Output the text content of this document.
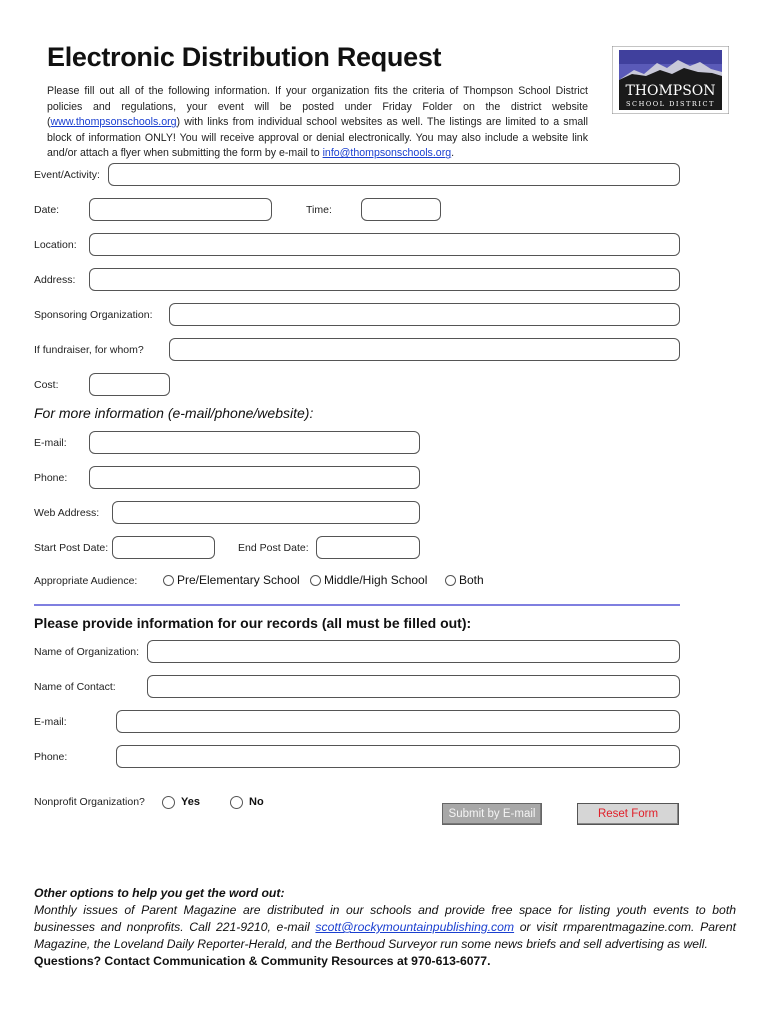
Electronic Distribution Request
Please fill out all of the following information. If your organization fits the criteria of Thompson School District policies and regulations, your event will be posted under Friday Folder on the district website (www.thompsonschools.org) with links from individual school websites as well. The listings are limited to a small block of information ONLY! You will receive approval or denial electronically. You may also include a website link and/or attach a flyer when submitting the form by e-mail to info@thompsonschools.org.
THOMPSON
SCHOOL DISTRICT
Event/Activity:
Date:	Time:
Location:
Address:
Sponsoring Organization:
If fundraiser, for whom?
Cost:
For more information (e-mail/phone/website):
E-mail:
Phone:
Web Address:
Start Post Date:	End Post Date:
Appropriate Audience:	Pre/Elementary School Middle/High School	Both
Please provide information for our records (all must be filled out):
Name of Organization:
Name of Contact:
E-mail:
Phone:
Nonprofit Organization?	Yes	No
Submit by E-mail	Reset Form
Other options to help you get the word out:
Monthly issues of Parent Magazine are distributed in our schools and provide free space for listing youth events to both businesses and nonprofits. Call 221-9210, e-mail scott@rockymountainpublishing.com or visit rmparentmagazine.com. Parent Magazine, the Loveland Daily Reporter-Herald, and the Berthoud Surveyor run some news briefs and sell advertising as well.
Questions? Contact Communication & Community Resources at 970-613-6077.
